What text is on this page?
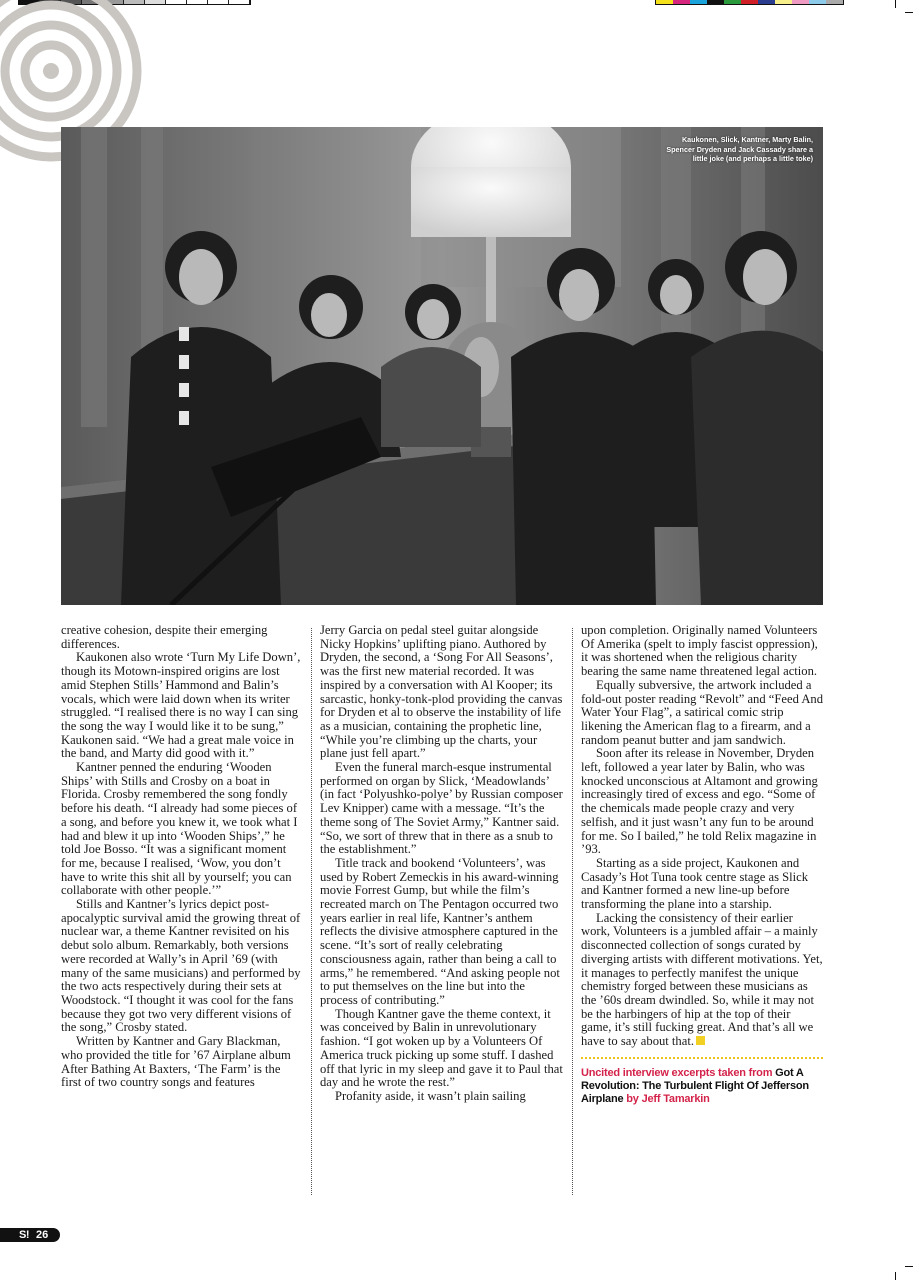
Kaukonen, Slick, Kantner, Marty Balin, Spencer Dryden and Jack Cassady share a little joke (and perhaps a little toke)

creative cohesion, despite their emerging differences.

Kaukonen also wrote ‘Turn My Life Down’, though its Motown-inspired origins are lost amid Stephen Stills’ Hammond and Balin’s vocals, which were laid down when its writer struggled. “I realised there is no way I can sing the song the way I would like it to be sung,” Kaukonen said. “We had a great male voice in the band, and Marty did good with it.”

Kantner penned the enduring ‘Wooden Ships’ with Stills and Crosby on a boat in Florida. Crosby remembered the song fondly before his death. “I already had some pieces of a song, and before you knew it, we took what I had and blew it up into ‘Wooden Ships’,” he told Joe Bosso. “It was a significant moment for me, because I realised, ‘Wow, you don’t have to write this shit all by yourself; you can collaborate with other people.’”

Stills and Kantner’s lyrics depict post-apocalyptic survival amid the growing threat of nuclear war, a theme Kantner revisited on his debut solo album. Remarkably, both versions were recorded at Wally’s in April ’69 (with many of the same musicians) and performed by the two acts respectively during their sets at Woodstock. “I thought it was cool for the fans because they got two very different visions of the song,” Crosby stated.

Written by Kantner and Gary Blackman, who provided the title for ’67 Airplane album After Bathing At Baxters, ‘The Farm’ is the first of two country songs and features

Jerry Garcia on pedal steel guitar alongside Nicky Hopkins’ uplifting piano. Authored by Dryden, the second, a ‘Song For All Seasons’, was the first new material recorded. It was inspired by a conversation with Al Kooper; its sarcastic, honky-tonk-plod providing the canvas for Dryden et al to observe the instability of life as a musician, containing the prophetic line, “While you’re climbing up the charts, your plane just fell apart.”

Even the funeral march-esque instrumental performed on organ by Slick, ‘Meadowlands’ (in fact ‘Polyushko-polye’ by Russian composer Lev Knipper) came with a message. “It’s the theme song of The Soviet Army,” Kantner said. “So, we sort of threw that in there as a snub to the establishment.”

Title track and bookend ‘Volunteers’, was used by Robert Zemeckis in his award-winning movie Forrest Gump, but while the film’s recreated march on The Pentagon occurred two years earlier in real life, Kantner’s anthem reflects the divisive atmosphere captured in the scene. “It’s sort of really celebrating consciousness again, rather than being a call to arms,” he remembered. “And asking people not to put themselves on the line but into the process of contributing.”

Though Kantner gave the theme context, it was conceived by Balin in unrevolutionary fashion. “I got woken up by a Volunteers Of America truck picking up some stuff. I dashed off that lyric in my sleep and gave it to Paul that day and he wrote the rest.”

Profanity aside, it wasn’t plain sailing

upon completion. Originally named Volunteers Of Amerika (spelt to imply fascist oppression), it was shortened when the religious charity bearing the same name threatened legal action.

Equally subversive, the artwork included a fold-out poster reading “Revolt” and “Feed And Water Your Flag”, a satirical comic strip likening the American flag to a firearm, and a random peanut butter and jam sandwich.

Soon after its release in November, Dryden left, followed a year later by Balin, who was knocked unconscious at Altamont and growing increasingly tired of excess and ego. “Some of the chemicals made people crazy and very selfish, and it just wasn’t any fun to be around for me. So I bailed,” he told Relix magazine in ’93.

Starting as a side project, Kaukonen and Casady’s Hot Tuna took centre stage as Slick and Kantner formed a new line-up before transforming the plane into a starship.

Lacking the consistency of their earlier work, Volunteers is a jumbled affair – a mainly disconnected collection of songs curated by diverging artists with different motivations. Yet, it manages to perfectly manifest the unique chemistry forged between these musicians as the ’60s dream dwindled. So, while it may not be the harbingers of hip at the top of their game, it’s still fucking great. And that’s all we have to say about that.

Uncited interview excerpts taken from Got A Revolution: The Turbulent Flight Of Jefferson Airplane by Jeff Tamarkin
S! 26
